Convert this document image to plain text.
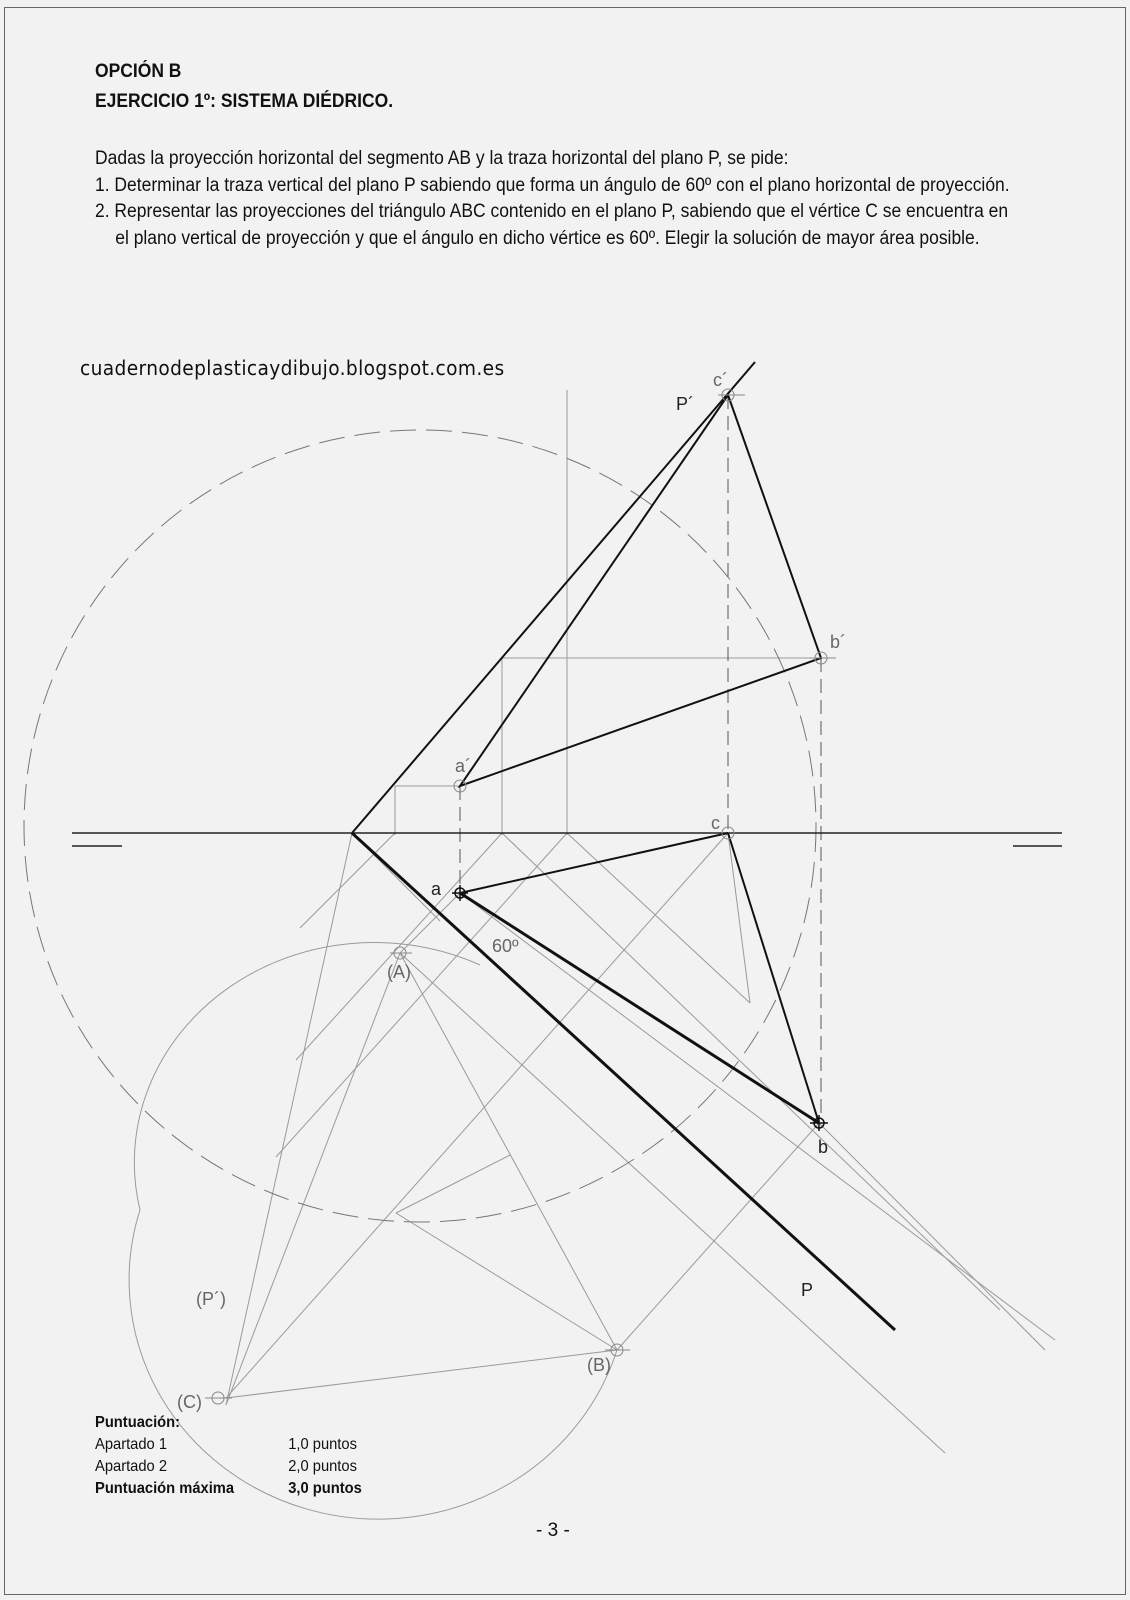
OPCIÓN B
EJERCICIO 1º: SISTEMA DIÉDRICO.

Dadas la proyección horizontal del segmento AB y la traza horizontal del plano P, se pide:

1. Determinar la traza vertical del plano P sabiendo que forma un ángulo de 60º con el plano horizontal de proyección.

2. Representar las proyecciones del triángulo ABC contenido en el plano P, sabiendo que el vértice C se encuentra en

el plano vertical de proyección y que el ángulo en dicho vértice es 60º. Elegir la solución de mayor área posible.

cuadernodeplasticaydibujo.blogspot.com.es	c´
P´
b´
a´
c
a
60º
(A)
b
P
(P´)
(B)
(C)
Puntuación:
Apartado 1	1,0 puntos
Apartado 2	2,0 puntos
Puntuación máxima	3,0 puntos
- 3 -
